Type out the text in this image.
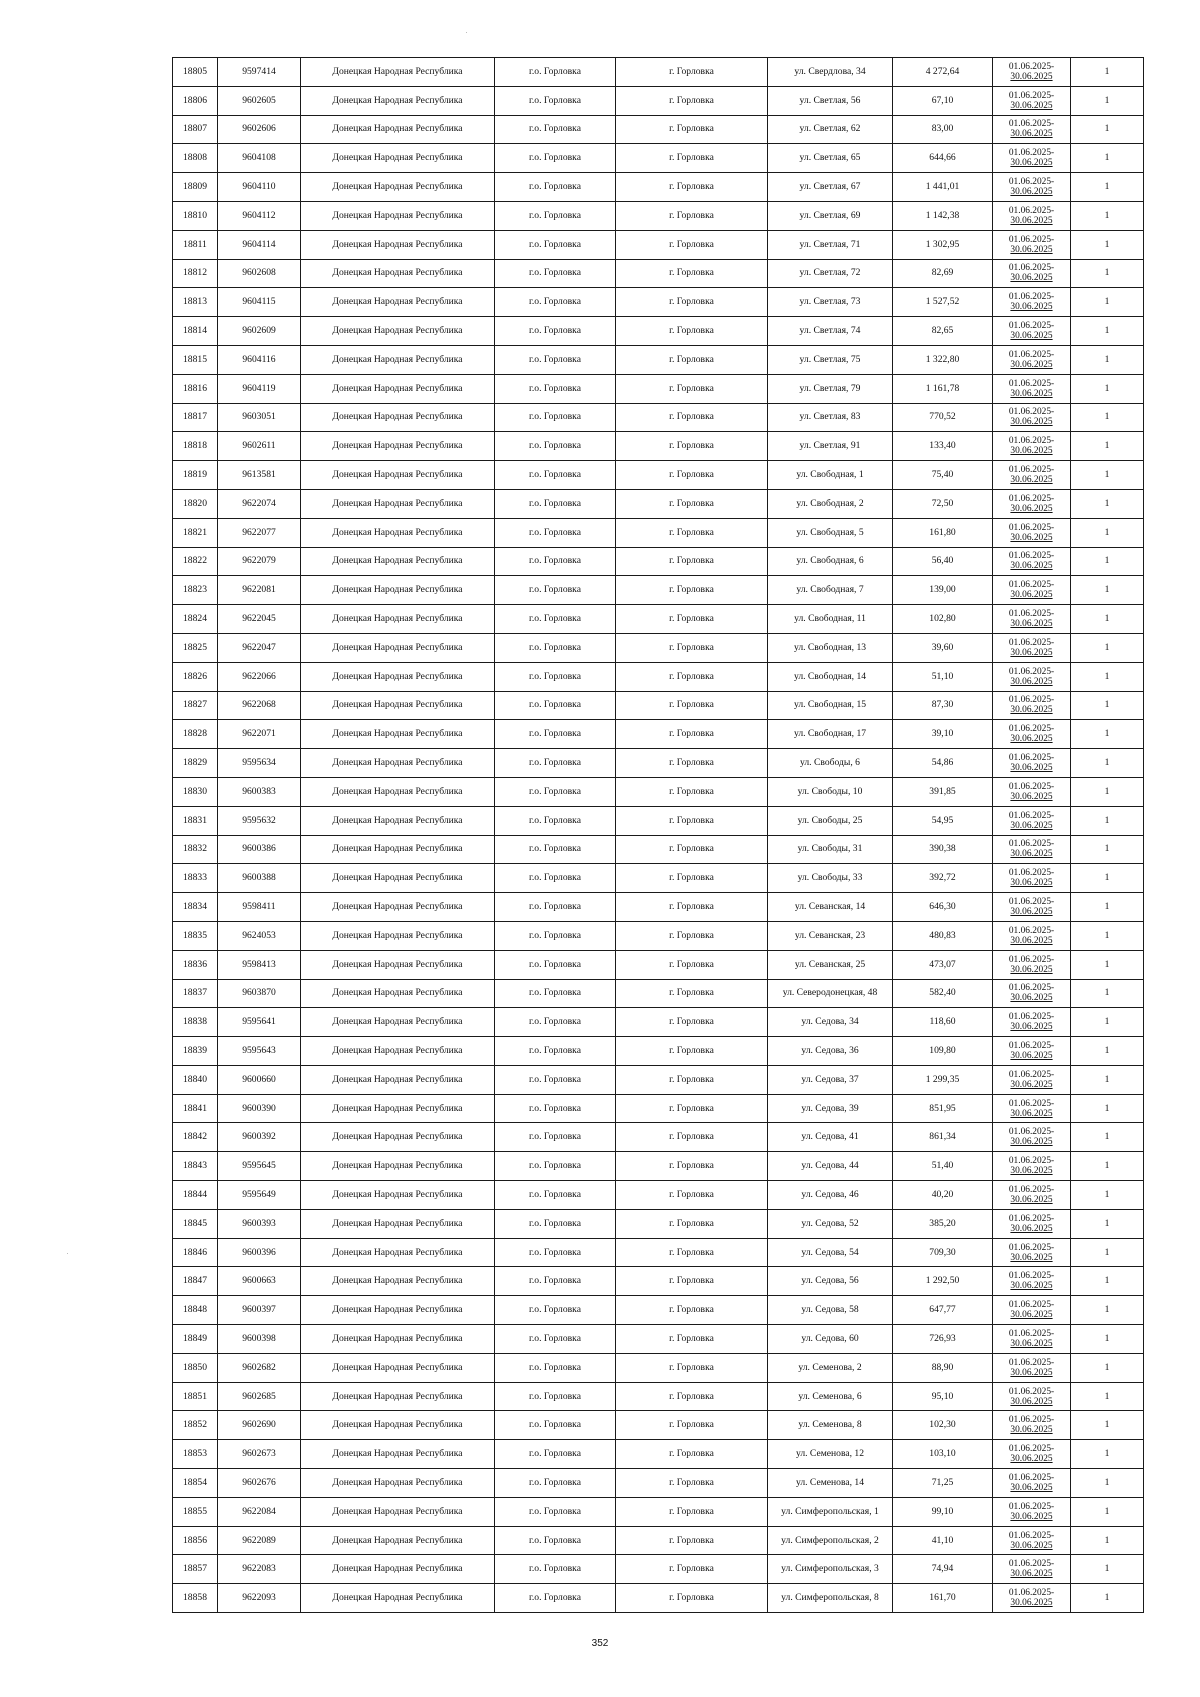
18805	9597414	Донецкая Народная Республика	г.о. Горловка	г. Горловка	ул. Свердлова, 34	4 272,64	01.06.2025-
30.06.2025	1
18806	9602605	Донецкая Народная Республика	г.о. Горловка	г. Горловка	ул. Светлая, 56	67,10	01.06.2025-
30.06.2025	1
18807	9602606	Донецкая Народная Республика	г.о. Горловка	г. Горловка	ул. Светлая, 62	83,00	01.06.2025-
30.06.2025	1
18808	9604108	Донецкая Народная Республика	г.о. Горловка	г. Горловка	ул. Светлая, 65	644,66	01.06.2025-
30.06.2025	1
18809	9604110	Донецкая Народная Республика	г.о. Горловка	г. Горловка	ул. Светлая, 67	1 441,01	01.06.2025-
30.06.2025	1
18810	9604112	Донецкая Народная Республика	г.о. Горловка	г. Горловка	ул. Светлая, 69	1 142,38	01.06.2025-
30.06.2025	1
18811	9604114	Донецкая Народная Республика	г.о. Горловка	г. Горловка	ул. Светлая, 71	1 302,95	01.06.2025-
30.06.2025	1
18812	9602608	Донецкая Народная Республика	г.о. Горловка	г. Горловка	ул. Светлая, 72	82,69	01.06.2025-
30.06.2025	1
18813	9604115	Донецкая Народная Республика	г.о. Горловка	г. Горловка	ул. Светлая, 73	1 527,52	01.06.2025-
30.06.2025	1
18814	9602609	Донецкая Народная Республика	г.о. Горловка	г. Горловка	ул. Светлая, 74	82,65	01.06.2025-
30.06.2025	1
18815	9604116	Донецкая Народная Республика	г.о. Горловка	г. Горловка	ул. Светлая, 75	1 322,80	01.06.2025-
30.06.2025	1
18816	9604119	Донецкая Народная Республика	г.о. Горловка	г. Горловка	ул. Светлая, 79	1 161,78	01.06.2025-
30.06.2025	1
18817	9603051	Донецкая Народная Республика	г.о. Горловка	г. Горловка	ул. Светлая, 83	770,52	01.06.2025-
30.06.2025	1
18818	9602611	Донецкая Народная Республика	г.о. Горловка	г. Горловка	ул. Светлая, 91	133,40	01.06.2025-
30.06.2025	1
18819	9613581	Донецкая Народная Республика	г.о. Горловка	г. Горловка	ул. Свободная, 1	75,40	01.06.2025-
30.06.2025	1
18820	9622074	Донецкая Народная Республика	г.о. Горловка	г. Горловка	ул. Свободная, 2	72,50	01.06.2025-
30.06.2025	1
18821	9622077	Донецкая Народная Республика	г.о. Горловка	г. Горловка	ул. Свободная, 5	161,80	01.06.2025-
30.06.2025	1
18822	9622079	Донецкая Народная Республика	г.о. Горловка	г. Горловка	ул. Свободная, 6	56,40	01.06.2025-
30.06.2025	1
18823	9622081	Донецкая Народная Республика	г.о. Горловка	г. Горловка	ул. Свободная, 7	139,00	01.06.2025-
30.06.2025	1
18824	9622045	Донецкая Народная Республика	г.о. Горловка	г. Горловка	ул. Свободная, 11	102,80	01.06.2025-
30.06.2025	1
18825	9622047	Донецкая Народная Республика	г.о. Горловка	г. Горловка	ул. Свободная, 13	39,60	01.06.2025-
30.06.2025	1
18826	9622066	Донецкая Народная Республика	г.о. Горловка	г. Горловка	ул. Свободная, 14	51,10	01.06.2025-
30.06.2025	1
18827	9622068	Донецкая Народная Республика	г.о. Горловка	г. Горловка	ул. Свободная, 15	87,30	01.06.2025-
30.06.2025	1
18828	9622071	Донецкая Народная Республика	г.о. Горловка	г. Горловка	ул. Свободная, 17	39,10	01.06.2025-
30.06.2025	1
18829	9595634	Донецкая Народная Республика	г.о. Горловка	г. Горловка	ул. Свободы, 6	54,86	01.06.2025-
30.06.2025	1
18830	9600383	Донецкая Народная Республика	г.о. Горловка	г. Горловка	ул. Свободы, 10	391,85	01.06.2025-
30.06.2025	1
18831	9595632	Донецкая Народная Республика	г.о. Горловка	г. Горловка	ул. Свободы, 25	54,95	01.06.2025-
30.06.2025	1
18832	9600386	Донецкая Народная Республика	г.о. Горловка	г. Горловка	ул. Свободы, 31	390,38	01.06.2025-
30.06.2025	1
18833	9600388	Донецкая Народная Республика	г.о. Горловка	г. Горловка	ул. Свободы, 33	392,72	01.06.2025-
30.06.2025	1
18834	9598411	Донецкая Народная Республика	г.о. Горловка	г. Горловка	ул. Севанская, 14	646,30	01.06.2025-
30.06.2025	1
18835	9624053	Донецкая Народная Республика	г.о. Горловка	г. Горловка	ул. Севанская, 23	480,83	01.06.2025-
30.06.2025	1
18836	9598413	Донецкая Народная Республика	г.о. Горловка	г. Горловка	ул. Севанская, 25	473,07	01.06.2025-
30.06.2025	1
18837	9603870	Донецкая Народная Республика	г.о. Горловка	г. Горловка	ул. Северодонецкая, 48	582,40	01.06.2025-
30.06.2025	1
18838	9595641	Донецкая Народная Республика	г.о. Горловка	г. Горловка	ул. Седова, 34	118,60	01.06.2025-
30.06.2025	1
18839	9595643	Донецкая Народная Республика	г.о. Горловка	г. Горловка	ул. Седова, 36	109,80	01.06.2025-
30.06.2025	1
18840	9600660	Донецкая Народная Республика	г.о. Горловка	г. Горловка	ул. Седова, 37	1 299,35	01.06.2025-
30.06.2025	1
18841	9600390	Донецкая Народная Республика	г.о. Горловка	г. Горловка	ул. Седова, 39	851,95	01.06.2025-
30.06.2025	1
18842	9600392	Донецкая Народная Республика	г.о. Горловка	г. Горловка	ул. Седова, 41	861,34	01.06.2025-
30.06.2025	1
18843	9595645	Донецкая Народная Республика	г.о. Горловка	г. Горловка	ул. Седова, 44	51,40	01.06.2025-
30.06.2025	1
18844	9595649	Донецкая Народная Республика	г.о. Горловка	г. Горловка	ул. Седова, 46	40,20	01.06.2025-
30.06.2025	1
18845	9600393	Донецкая Народная Республика	г.о. Горловка	г. Горловка	ул. Седова, 52	385,20	01.06.2025-
30.06.2025	1
18846	9600396	Донецкая Народная Республика	г.о. Горловка	г. Горловка	ул. Седова, 54	709,30	01.06.2025-
30.06.2025	1
18847	9600663	Донецкая Народная Республика	г.о. Горловка	г. Горловка	ул. Седова, 56	1 292,50	01.06.2025-
30.06.2025	1
18848	9600397	Донецкая Народная Республика	г.о. Горловка	г. Горловка	ул. Седова, 58	647,77	01.06.2025-
30.06.2025	1
18849	9600398	Донецкая Народная Республика	г.о. Горловка	г. Горловка	ул. Седова, 60	726,93	01.06.2025-
30.06.2025	1
18850	9602682	Донецкая Народная Республика	г.о. Горловка	г. Горловка	ул. Семенова, 2	88,90	01.06.2025-
30.06.2025	1
18851	9602685	Донецкая Народная Республика	г.о. Горловка	г. Горловка	ул. Семенова, 6	95,10	01.06.2025-
30.06.2025	1
18852	9602690	Донецкая Народная Республика	г.о. Горловка	г. Горловка	ул. Семенова, 8	102,30	01.06.2025-
30.06.2025	1
18853	9602673	Донецкая Народная Республика	г.о. Горловка	г. Горловка	ул. Семенова, 12	103,10	01.06.2025-
30.06.2025	1
18854	9602676	Донецкая Народная Республика	г.о. Горловка	г. Горловка	ул. Семенова, 14	71,25	01.06.2025-
30.06.2025	1
18855	9622084	Донецкая Народная Республика	г.о. Горловка	г. Горловка	ул. Симферопольская, 1	99,10	01.06.2025-
30.06.2025	1
18856	9622089	Донецкая Народная Республика	г.о. Горловка	г. Горловка	ул. Симферопольская, 2	41,10	01.06.2025-
30.06.2025	1
18857	9622083	Донецкая Народная Республика	г.о. Горловка	г. Горловка	ул. Симферопольская, 3	74,94	01.06.2025-
30.06.2025	1
18858	9622093	Донецкая Народная Республика	г.о. Горловка	г. Горловка	ул. Симферопольская, 8	161,70	01.06.2025-
30.06.2025	1
352
